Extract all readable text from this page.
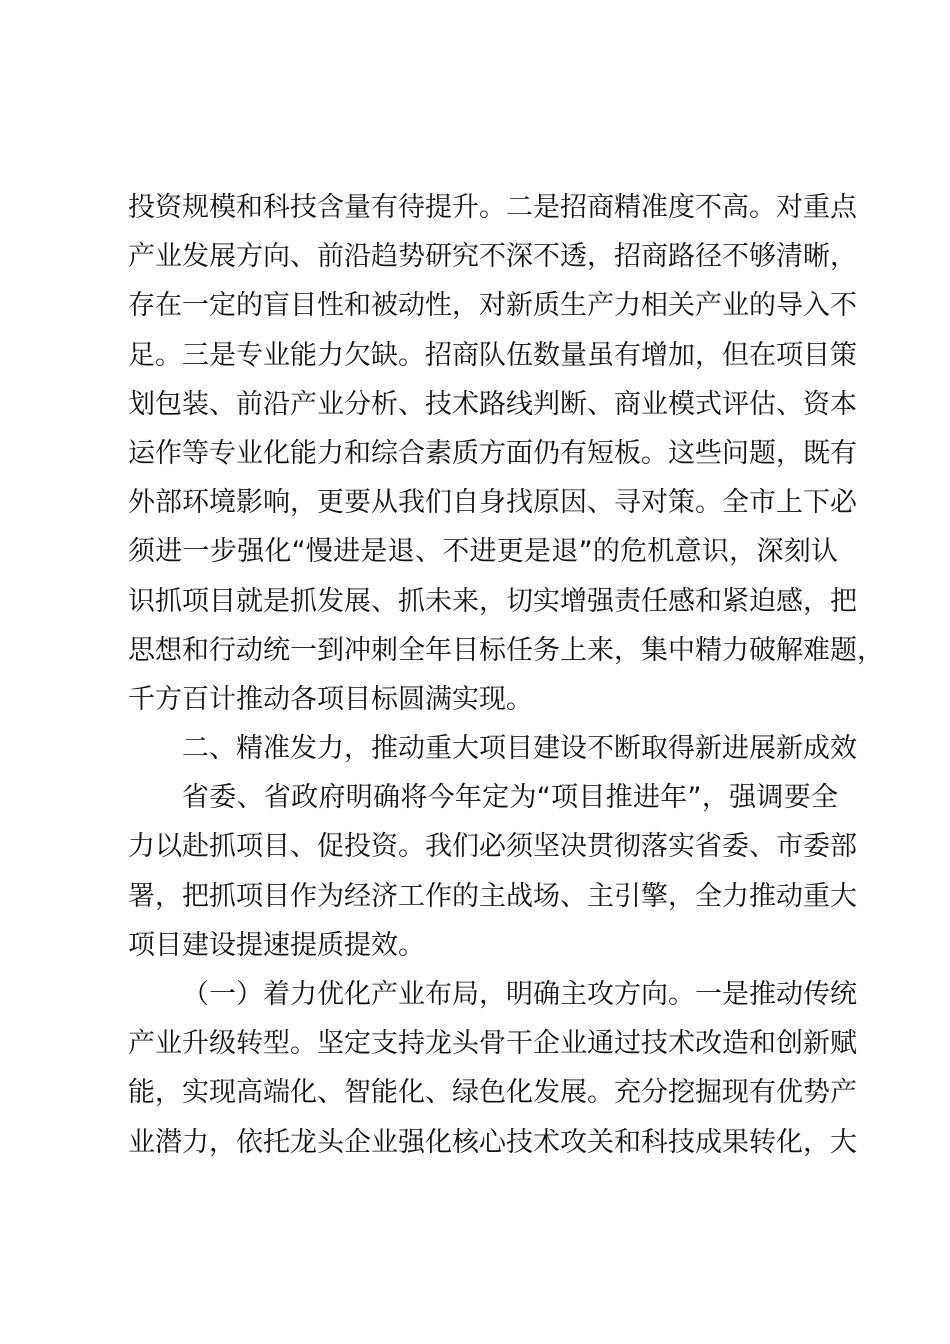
投资规模和科技含量有待提升。二是招商精准度不高。对重点
产业发展方向、前沿趋势研究不深不透，招商路径不够清晰，
存在一定的盲目性和被动性，对新质生产力相关产业的导入不
足。三是专业能力欠缺。招商队伍数量虽有增加，但在项目策
划包装、前沿产业分析、技术路线判断、商业模式评估、资本
运作等专业化能力和综合素质方面仍有短板。这些问题，既有
外部环境影响，更要从我们自身找原因、寻对策。全市上下必
须进一步强化“慢进是退、不进更是退”的危机意识，深刻认
识抓项目就是抓发展、抓未来，切实增强责任感和紧迫感，把
思想和行动统一到冲刺全年目标任务上来，集中精力破解难题，
千方百计推动各项目标圆满实现。
二、精准发力，推动重大项目建设不断取得新进展新成效
省委、省政府明确将今年定为“项目推进年”，强调要全
力以赴抓项目、促投资。我们必须坚决贯彻落实省委、市委部
署，把抓项目作为经济工作的主战场、主引擎，全力推动重大
项目建设提速提质提效。
（一）着力优化产业布局，明确主攻方向。一是推动传统
产业升级转型。坚定支持龙头骨干企业通过技术改造和创新赋
能，实现高端化、智能化、绿色化发展。充分挖掘现有优势产
业潜力，依托龙头企业强化核心技术攻关和科技成果转化，大
